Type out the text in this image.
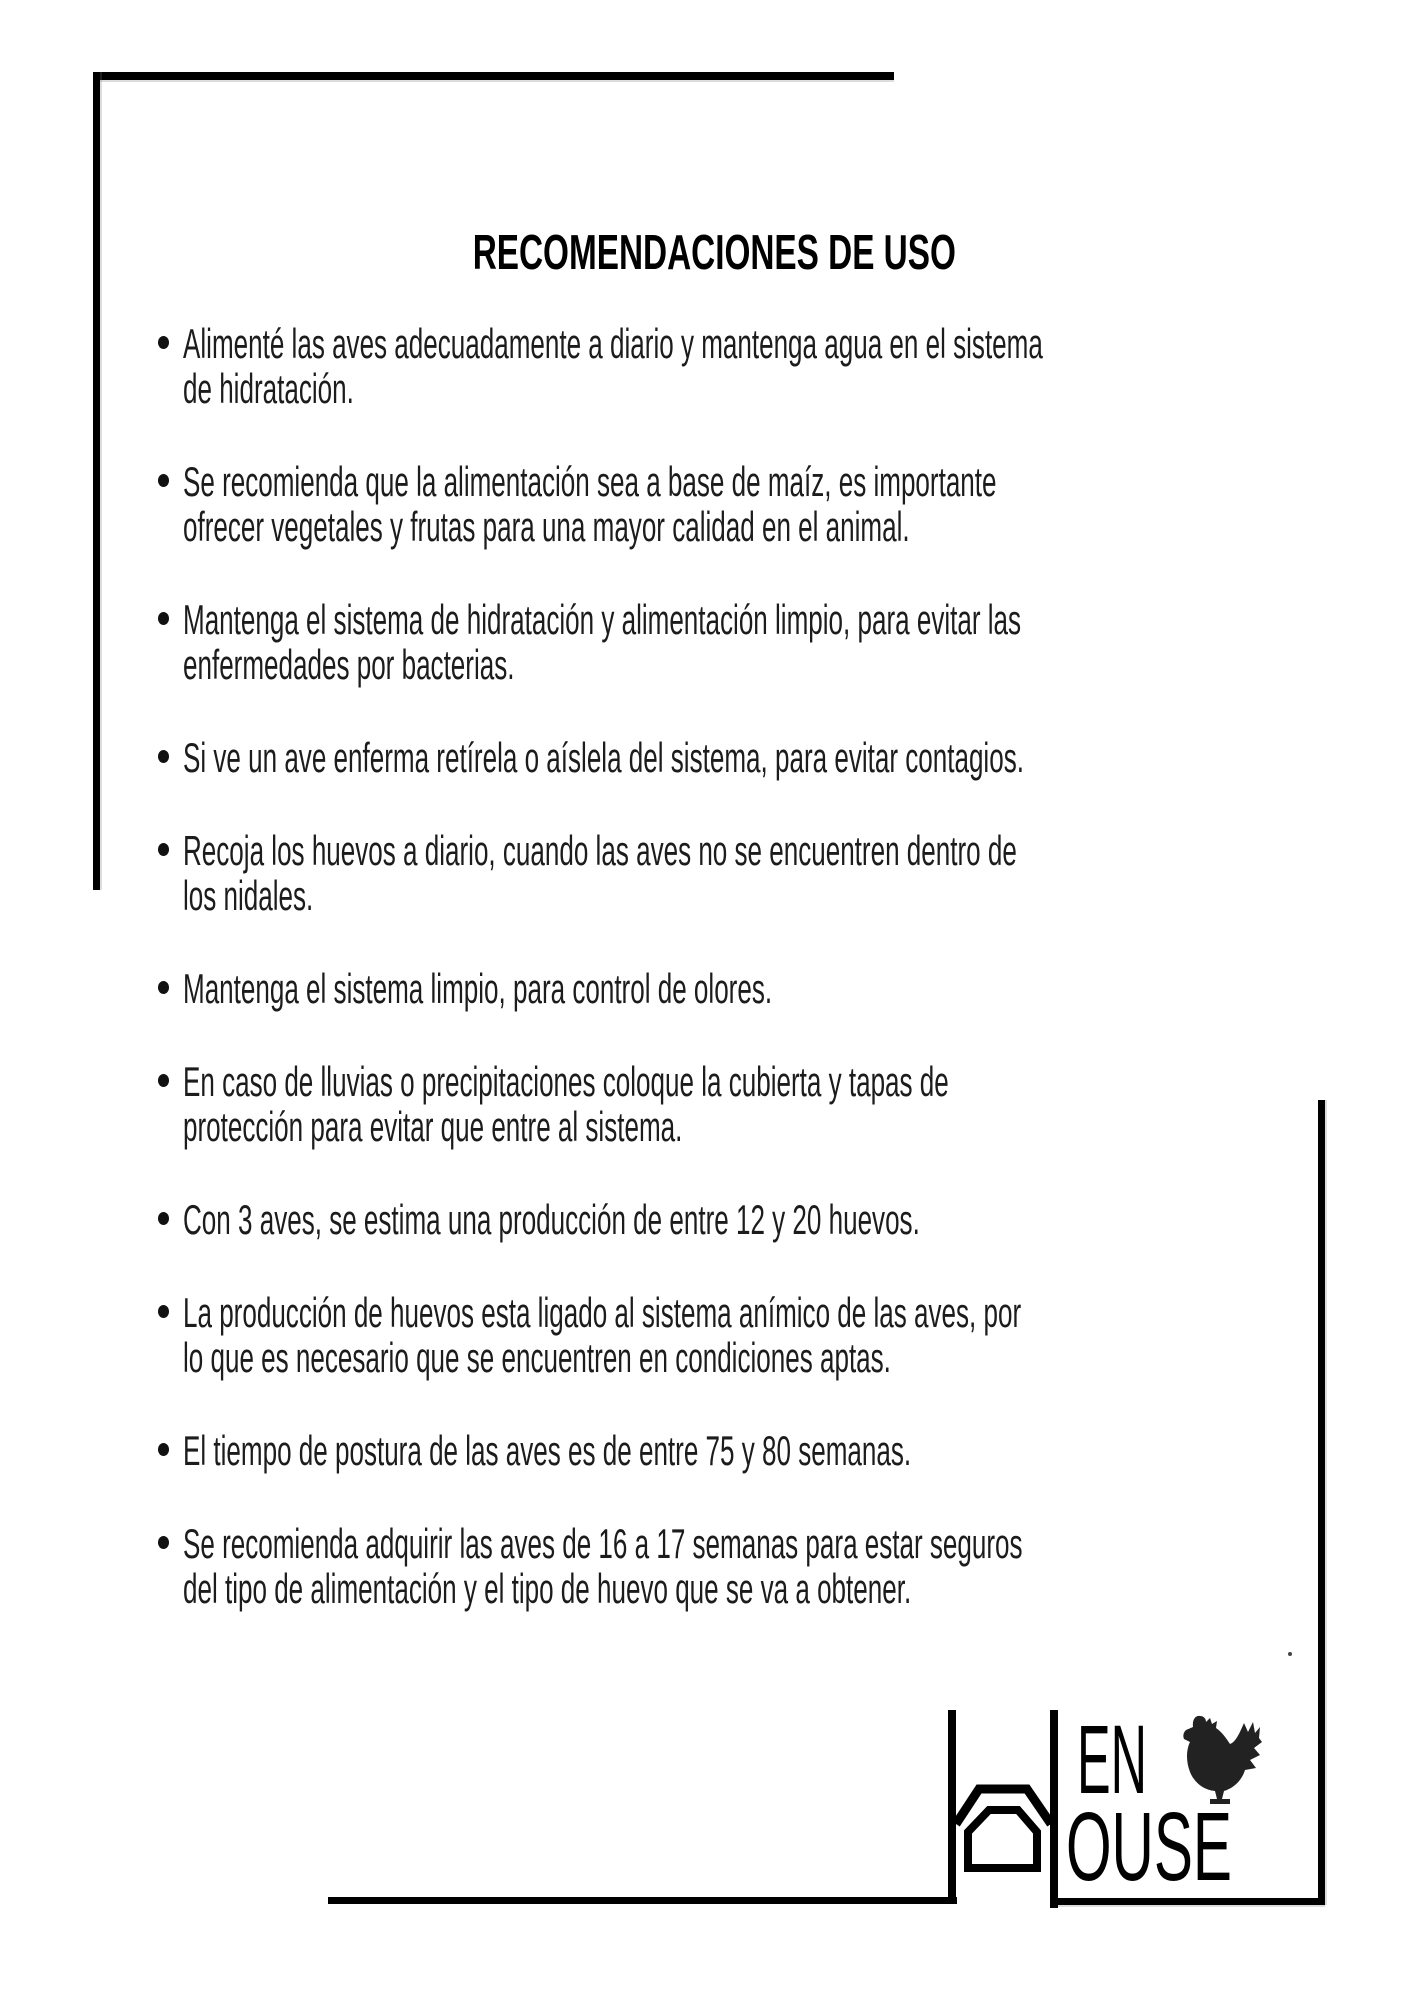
RECOMENDACIONES DE USO
Alimenté las aves adecuadamente a diario y mantenga agua en el sistema
de hidratación.
Se recomienda que la alimentación sea a base de maíz, es importante
ofrecer vegetales y frutas para una mayor calidad en el animal.
Mantenga el sistema de hidratación y alimentación limpio, para evitar las
enfermedades por bacterias.
Si ve un ave enferma retírela o aíslela del sistema, para evitar contagios.
Recoja los huevos a diario, cuando las aves no se encuentren dentro de
los nidales.
Mantenga el sistema limpio, para control de olores.
En caso de lluvias o precipitaciones coloque la cubierta y tapas de
protección para evitar que entre al sistema.
Con 3 aves, se estima una producción de entre 12 y 20 huevos.
La producción de huevos esta ligado al sistema anímico de las aves, por
lo que es necesario que se encuentren en condiciones aptas.
El tiempo de postura de las aves es de entre 75 y 80 semanas.
Se recomienda adquirir las aves de 16 a 17 semanas para estar seguros
del tipo de alimentación y el tipo de huevo que se va a obtener.
EN
OUSE
